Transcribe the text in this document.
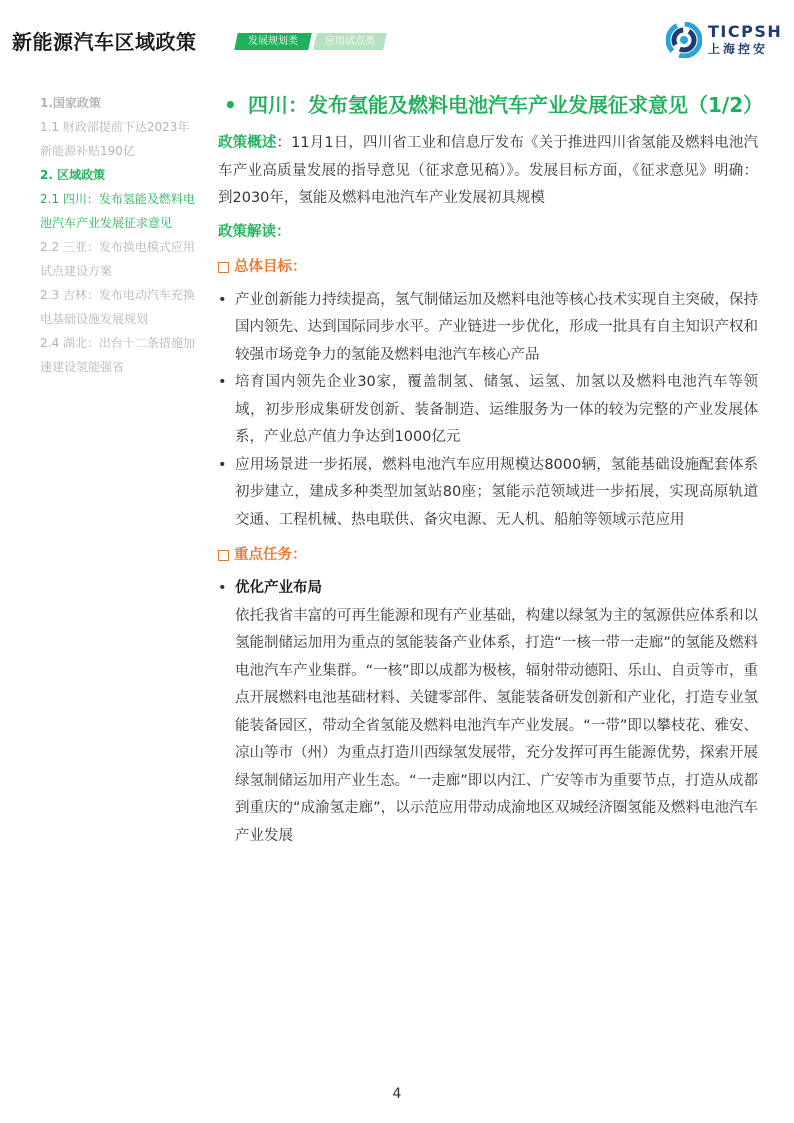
新能源汽车区域政策	发展规划类	应用试点类
TICPSH
上海控安

1.国家政策

1.1 财政部提前下达2023年新能源补贴190亿

2. 区域政策

2.1 四川：发布氢能及燃料电池汽车产业发展征求意见

2.2 三亚：发布换电模式应用试点建设方案

2.3 吉林：发布电动汽车充换电基础设施发展规划

2.4 湖北：出台十二条措施加速建设氢能强省

• 四川：发布氢能及燃料电池汽车产业发展征求意见（1/2）

政策概述：11月1日，四川省工业和信息厅发布《关于推进四川省氢能及燃料电池汽车产业高质量发展的指导意见（征求意见稿）》。发展目标方面，《征求意见》明确：到2030年，氢能及燃料电池汽车产业发展初具规模

政策解读：

总体目标：
• 产业创新能力持续提高，氢气制储运加及燃料电池等核心技术实现自主突破，保持国内领先、达到国际同步水平。产业链进一步优化，形成一批具有自主知识产权和较强市场竞争力的氢能及燃料电池汽车核心产品
• 培育国内领先企业30家，覆盖制氢、储氢、运氢、加氢以及燃料电池汽车等领域，初步形成集研发创新、装备制造、运维服务为一体的较为完整的产业发展体系，产业总产值力争达到1000亿元
• 应用场景进一步拓展，燃料电池汽车应用规模达8000辆，氢能基础设施配套体系初步建立，建成多种类型加氢站80座；氢能示范领域进一步拓展，实现高原轨道交通、工程机械、热电联供、备灾电源、无人机、船舶等领域示范应用
重点任务：
• 优化产业布局
依托我省丰富的可再生能源和现有产业基础，构建以绿氢为主的氢源供应体系和以氢能制储运加用为重点的氢能装备产业体系，打造“一核一带一走廊”的氢能及燃料电池汽车产业集群。“一核”即以成都为极核，辐射带动德阳、乐山、自贡等市，重点开展燃料电池基础材料、关键零部件、氢能装备研发创新和产业化，打造专业氢能装备园区，带动全省氢能及燃料电池汽车产业发展。“一带”即以攀枝花、雅安、凉山等市（州）为重点打造川西绿氢发展带，充分发挥可再生能源优势，探索开展绿氢制储运加用产业生态。“一走廊”即以内江、广安等市为重要节点，打造从成都到重庆的“成渝氢走廊”，以示范应用带动成渝地区双城经济圈氢能及燃料电池汽车产业发展
4
